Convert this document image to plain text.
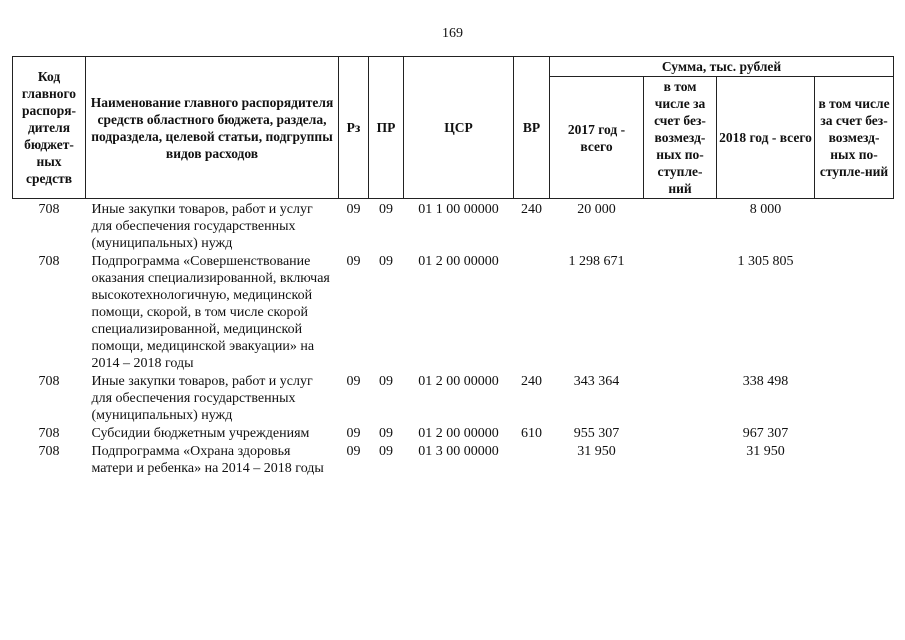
169
Код главного распоря-дителя бюджет-ных средств	Наименование главного распорядителя средств областного бюджета, раздела, подраздела, целевой статьи, подгруппы видов расходов	Рз	ПР	ЦСР	ВР	Сумма, тыс. рублей			
						2017 год - всего	в том числе за счет без-возмезд-ных по-ступле-ний	2018 год - всего	в том числе за счет без-возмезд-ных по-ступле-ний
708	Иные закупки товаров, работ и услуг для обеспечения государственных (муниципальных) нужд	09	09	01 1 00 00000	240	20 000		8 000	
708	Подпрограмма «Совершенствование оказания специализированной, включая высокотехнологичную, медицинской помощи, скорой, в том числе скорой специализированной, медицинской помощи, медицинской эвакуации» на 2014 – 2018 годы	09	09	01 2 00 00000		1 298 671		1 305 805	
708	Иные закупки товаров, работ и услуг для обеспечения государственных (муниципальных) нужд	09	09	01 2 00 00000	240	343 364		338 498	
708	Субсидии бюджетным учреждениям	09	09	01 2 00 00000	610	955 307		967 307	
708	Подпрограмма «Охрана здоровья матери и ребенка» на 2014 – 2018 годы	09	09	01 3 00 00000		31 950		31 950	
